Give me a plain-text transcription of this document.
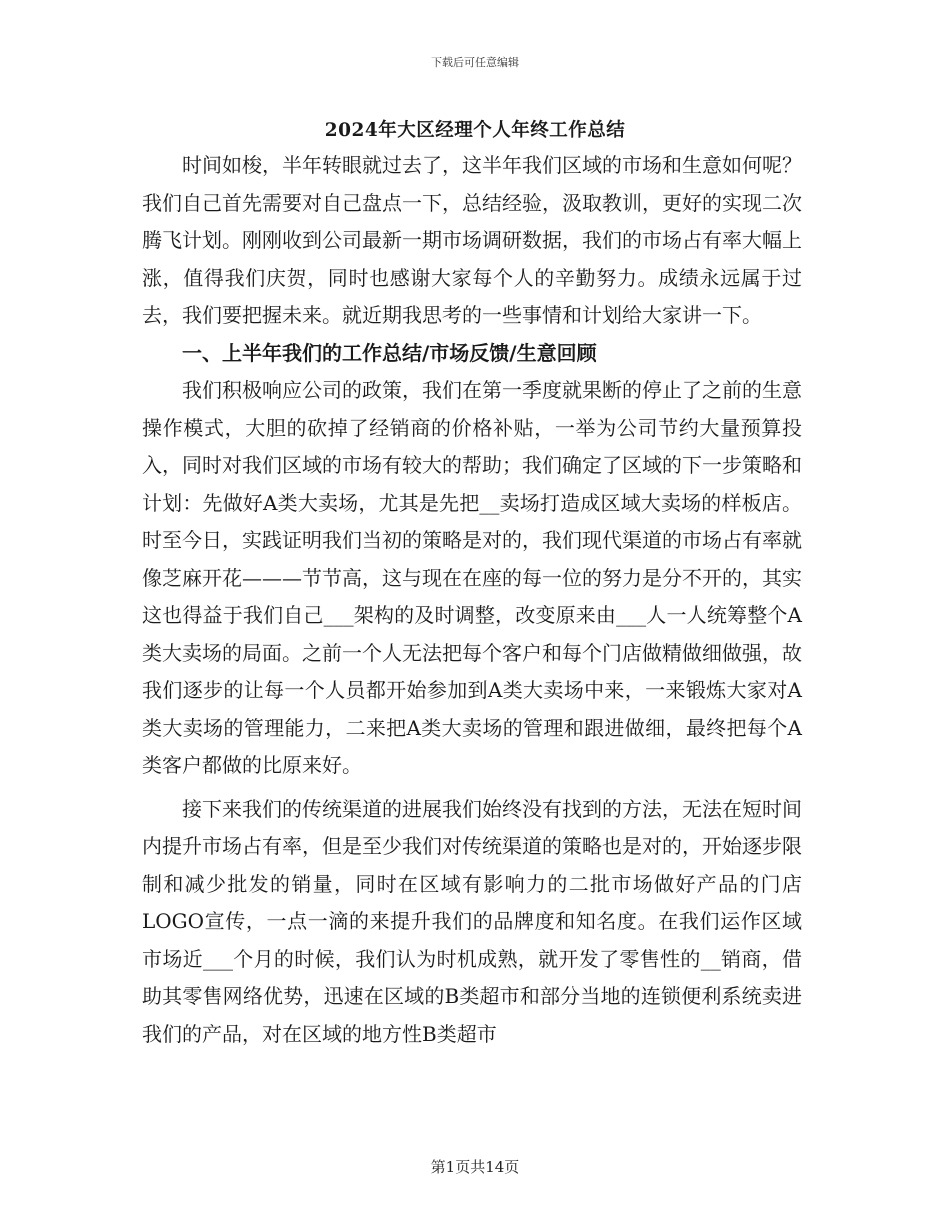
下载后可任意编辑
2024年大区经理个人年终工作总结

时间如梭，半年转眼就过去了，这半年我们区域的市场和生意如何呢？我们自己首先需要对自己盘点一下，总结经验，汲取教训，更好的实现二次腾飞计划。刚刚收到公司最新一期市场调研数据，我们的市场占有率大幅上涨，值得我们庆贺，同时也感谢大家每个人的辛勤努力。成绩永远属于过去，我们要把握未来。就近期我思考的一些事情和计划给大家讲一下。

一、上半年我们的工作总结/市场反馈/生意回顾

我们积极响应公司的政策，我们在第一季度就果断的停止了之前的生意操作模式，大胆的砍掉了经销商的价格补贴，一举为公司节约大量预算投入，同时对我们区域的市场有较大的帮助；我们确定了区域的下一步策略和计划：先做好A类大卖场，尤其是先把__卖场打造成区域大卖场的样板店。时至今日，实践证明我们当初的策略是对的，我们现代渠道的市场占有率就像芝麻开花———节节高，这与现在在座的每一位的努力是分不开的，其实这也得益于我们自己___架构的及时调整，改变原来由___人一人统筹整个A类大卖场的局面。之前一个人无法把每个客户和每个门店做精做细做强，故我们逐步的让每一个人员都开始参加到A类大卖场中来，一来锻炼大家对A类大卖场的管理能力，二来把A类大卖场的管理和跟进做细，最终把每个A类客户都做的比原来好。

接下来我们的传统渠道的进展我们始终没有找到的方法，无法在短时间内提升市场占有率，但是至少我们对传统渠道的策略也是对的，开始逐步限制和减少批发的销量，同时在区域有影响力的二批市场做好产品的门店LOGO宣传，一点一滴的来提升我们的品牌度和知名度。在我们运作区域市场近___个月的时候，我们认为时机成熟，就开发了零售性的__销商，借助其零售网络优势，迅速在区域的B类超市和部分当地的连锁便利系统卖进我们的产品，对在区域的地方性B类超市

第1页共14页
